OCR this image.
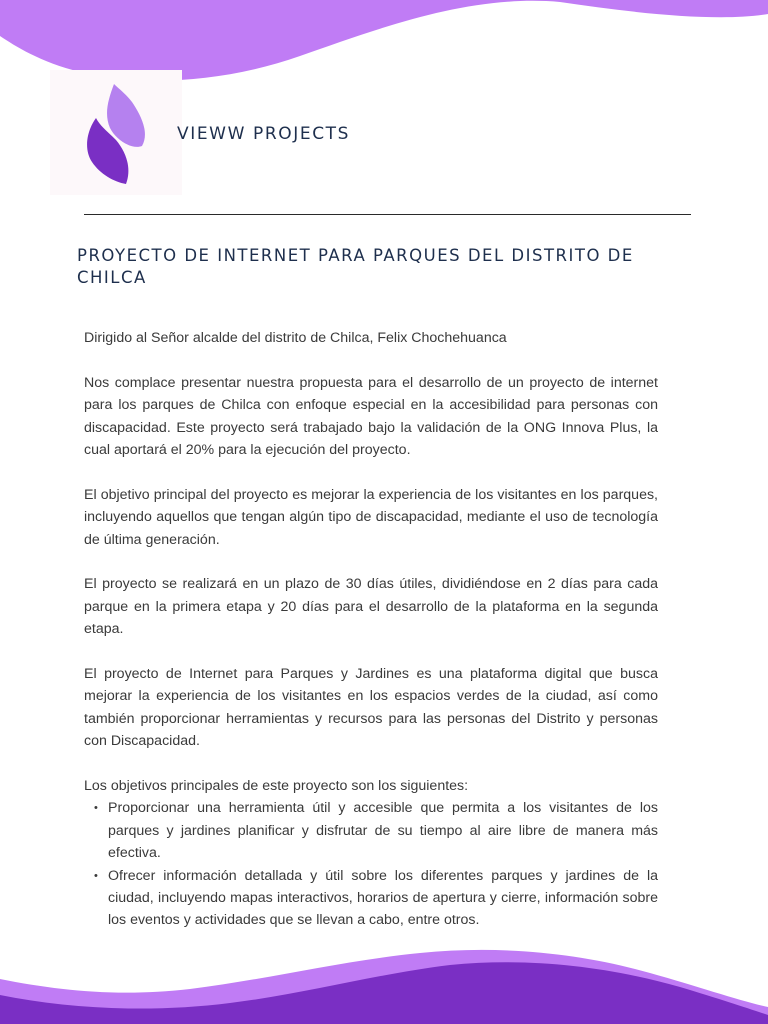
VIEWW PROJECTS
PROYECTO DE INTERNET PARA PARQUES DEL DISTRITO DE CHILCA

Dirigido al Señor alcalde del distrito de Chilca, Felix Chochehuanca

Nos complace presentar nuestra propuesta para el desarrollo de un proyecto de internet para los parques de Chilca con enfoque especial en la accesibilidad para personas con discapacidad. Este proyecto será trabajado bajo la validación de la ONG Innova Plus, la cual aportará el 20% para la ejecución del proyecto.

El objetivo principal del proyecto es mejorar la experiencia de los visitantes en los parques, incluyendo aquellos que tengan algún tipo de discapacidad, mediante el uso de tecnología de última generación.

El proyecto se realizará en un plazo de 30 días útiles, dividiéndose en 2 días para cada parque en la primera etapa y 20 días para el desarrollo de la plataforma en la segunda etapa.

El proyecto de Internet para Parques y Jardines es una plataforma digital que busca mejorar la experiencia de los visitantes en los espacios verdes de la ciudad, así como también proporcionar herramientas y recursos para las personas del Distrito y personas con Discapacidad.

Los objetivos principales de este proyecto son los siguientes:

• Proporcionar una herramienta útil y accesible que permita a los visitantes de los parques y jardines planificar y disfrutar de su tiempo al aire libre de manera más efectiva.
• Ofrecer información detallada y útil sobre los diferentes parques y jardines de la ciudad, incluyendo mapas interactivos, horarios de apertura y cierre, información sobre los eventos y actividades que se llevan a cabo, entre otros.
